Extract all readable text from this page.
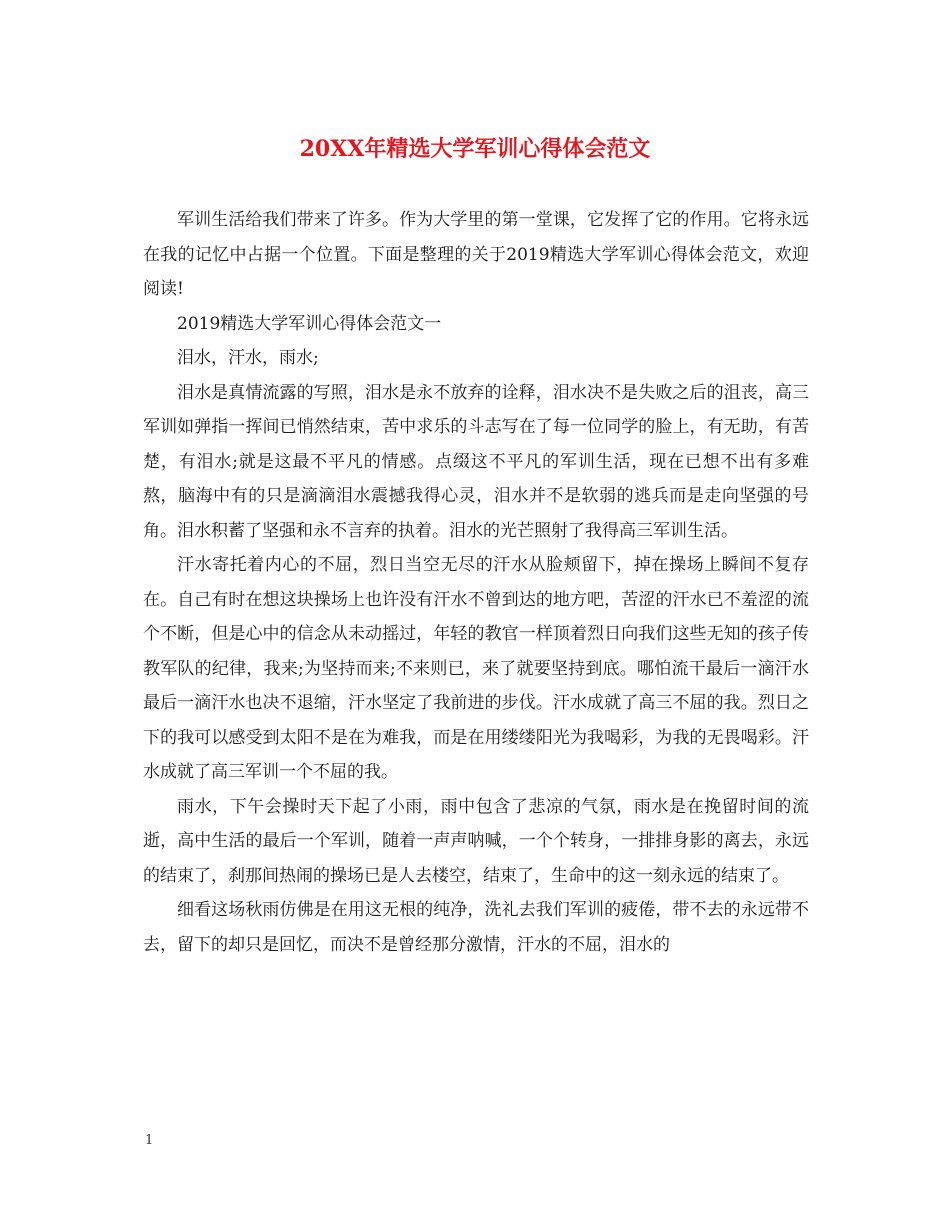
20XX年精选大学军训心得体会范文

军训生活给我们带来了许多。作为大学里的第一堂课，它发挥了它的作用。它将永远在我的记忆中占据一个位置。下面是整理的关于2019精选大学军训心得体会范文，欢迎阅读!

2019精选大学军训心得体会范文一

泪水，汗水，雨水;

泪水是真情流露的写照，泪水是永不放弃的诠释，泪水决不是失败之后的沮丧，高三军训如弹指一挥间已悄然结束，苦中求乐的斗志写在了每一位同学的脸上，有无助，有苦楚，有泪水;就是这最不平凡的情感。点缀这不平凡的军训生活，现在已想不出有多难熬，脑海中有的只是滴滴泪水震撼我得心灵，泪水并不是软弱的逃兵而是走向坚强的号角。泪水积蓄了坚强和永不言弃的执着。泪水的光芒照射了我得高三军训生活。

汗水寄托着内心的不屈，烈日当空无尽的汗水从脸颊留下，掉在操场上瞬间不复存在。自己有时在想这块操场上也许没有汗水不曾到达的地方吧，苦涩的汗水已不羞涩的流个不断，但是心中的信念从未动摇过，年轻的教官一样顶着烈日向我们这些无知的孩子传教军队的纪律，我来;为坚持而来;不来则已，来了就要坚持到底。哪怕流干最后一滴汗水最后一滴汗水也决不退缩，汗水坚定了我前进的步伐。汗水成就了高三不屈的我。烈日之下的我可以感受到太阳不是在为难我，而是在用缕缕阳光为我喝彩，为我的无畏喝彩。汗水成就了高三军训一个不屈的我。

雨水，下午会操时天下起了小雨，雨中包含了悲凉的气氛，雨水是在挽留时间的流逝，高中生活的最后一个军训，随着一声声呐喊，一个个转身，一排排身影的离去，永远的结束了，刹那间热闹的操场已是人去楼空，结束了，生命中的这一刻永远的结束了。

细看这场秋雨仿佛是在用这无根的纯净，洗礼去我们军训的疲倦，带不去的永远带不去，留下的却只是回忆，而决不是曾经那分激情，汗水的不屈，泪水的

1
